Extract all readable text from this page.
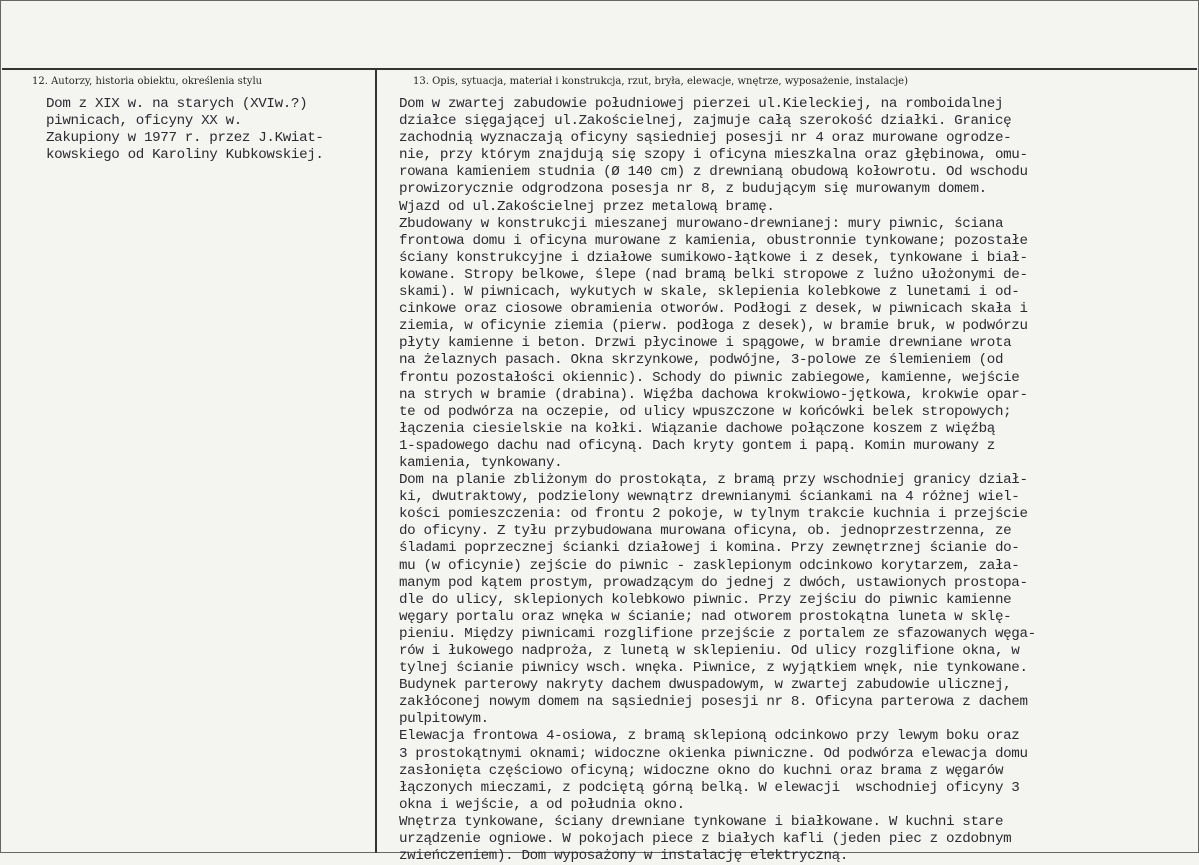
12. Autorzy, historia obiektu, określenia stylu	13. Opis, sytuacja, materiał i konstrukcja, rzut, bryła, elewacje, wnętrze, wyposażenie, instalacje)
Dom z XIX w. na starych (XVIw.?)
piwnicach, oficyny XX w.
Zakupiony w 1977 r. przez J.Kwiat-
kowskiego od Karoliny Kubkowskiej.
Dom w zwartej zabudowie południowej pierzei ul.Kieleckiej, na romboidalnej
działce sięgającej ul.Zakościelnej, zajmuje całą szerokość działki. Granicę
zachodnią wyznaczają oficyny sąsiedniej posesji nr 4 oraz murowane ogrodze-
nie, przy którym znajdują się szopy i oficyna mieszkalna oraz głębinowa, omu-
rowana kamieniem studnia (Ø 140 cm) z drewnianą obudową kołowrotu. Od wschodu
prowizorycznie odgrodzona posesja nr 8, z budującym się murowanym domem.
Wjazd od ul.Zakościelnej przez metalową bramę.
Zbudowany w konstrukcji mieszanej murowano-drewnianej: mury piwnic, ściana
frontowa domu i oficyna murowane z kamienia, obustronnie tynkowane; pozostałe
ściany konstrukcyjne i działowe sumikowo-łątkowe i z desek, tynkowane i biał-
kowane. Stropy belkowe, ślepe (nad bramą belki stropowe z luźno ułożonymi de-
skami). W piwnicach, wykutych w skale, sklepienia kolebkowe z lunetami i od-
cinkowe oraz ciosowe obramienia otworów. Podłogi z desek, w piwnicach skała i
ziemia, w oficynie ziemia (pierw. podłoga z desek), w bramie bruk, w podwórzu
płyty kamienne i beton. Drzwi płycinowe i spągowe, w bramie drewniane wrota
na żelaznych pasach. Okna skrzynkowe, podwójne, 3-polowe ze ślemieniem (od
frontu pozostałości okiennic). Schody do piwnic zabiegowe, kamienne, wejście
na strych w bramie (drabina). Więźba dachowa krokwiowo-jętkowa, krokwie opar-
te od podwórza na oczepie, od ulicy wpuszczone w końcówki belek stropowych;
łączenia ciesielskie na kołki. Wiązanie dachowe połączone koszem z więźbą
1-spadowego dachu nad oficyną. Dach kryty gontem i papą. Komin murowany z
kamienia, tynkowany.
Dom na planie zbliżonym do prostokąta, z bramą przy wschodniej granicy dział-
ki, dwutraktowy, podzielony wewnątrz drewnianymi ściankami na 4 różnej wiel-
kości pomieszczenia: od frontu 2 pokoje, w tylnym trakcie kuchnia i przejście
do oficyny. Z tyłu przybudowana murowana oficyna, ob. jednoprzestrzenna, ze
śladami poprzecznej ścianki działowej i komina. Przy zewnętrznej ścianie do-
mu (w oficynie) zejście do piwnic - zasklepionym odcinkowo korytarzem, zała-
manym pod kątem prostym, prowadzącym do jednej z dwóch, ustawionych prostopa-
dle do ulicy, sklepionych kolebkowo piwnic. Przy zejściu do piwnic kamienne
węgary portalu oraz wnęka w ścianie; nad otworem prostokątna luneta w sklę-
pieniu. Między piwnicami rozglifione przejście z portalem ze sfazowanych węga-
rów i łukowego nadproża, z lunetą w sklepieniu. Od ulicy rozglifione okna, w
tylnej ścianie piwnicy wsch. wnęka. Piwnice, z wyjątkiem wnęk, nie tynkowane.
Budynek parterowy nakryty dachem dwuspadowym, w zwartej zabudowie ulicznej,
zakłóconej nowym domem na sąsiedniej posesji nr 8. Oficyna parterowa z dachem
pulpitowym.
Elewacja frontowa 4-osiowa, z bramą sklepioną odcinkowo przy lewym boku oraz
3 prostokątnymi oknami; widoczne okienka piwniczne. Od podwórza elewacja domu
zasłonięta częściowo oficyną; widoczne okno do kuchni oraz brama z węgarów
łączonych mieczami, z podciętą górną belką. W elewacji  wschodniej oficyny 3
okna i wejście, a od południa okno.
Wnętrza tynkowane, ściany drewniane tynkowane i białkowane. W kuchni stare
urządzenie ogniowe. W pokojach piece z białych kafli (jeden piec z ozdobnym
zwieńczeniem). Dom wyposażony w instalację elektryczną.
